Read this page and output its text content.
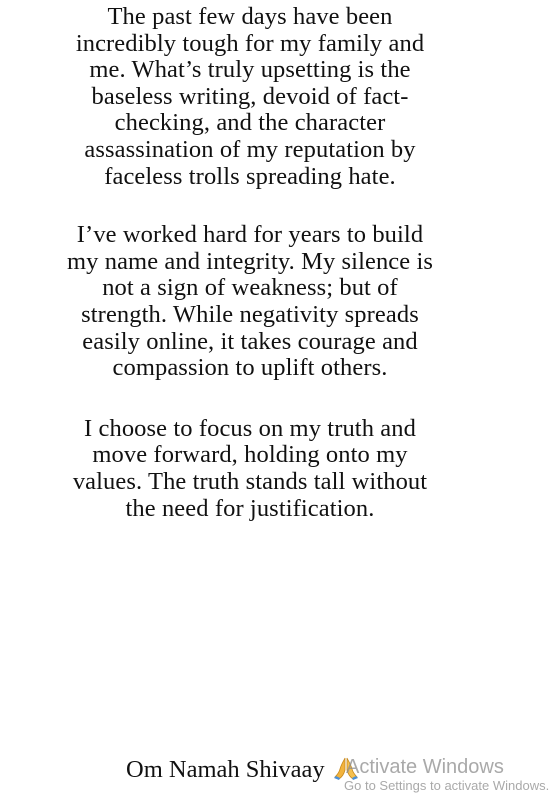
The past few days have been incredibly tough for my family and me. What’s truly upsetting is the baseless writing, devoid of fact-checking, and the character assassination of my reputation by faceless trolls spreading hate.

I’ve worked hard for years to build my name and integrity. My silence is not a sign of weakness; but of strength. While negativity spreads easily online, it takes courage and compassion to uplift others.

I choose to focus on my truth and move forward, holding onto my values. The truth stands tall without the need for justification.

Om Namah Shivaay	Activate Windows
Go to Settings to activate Windows.
